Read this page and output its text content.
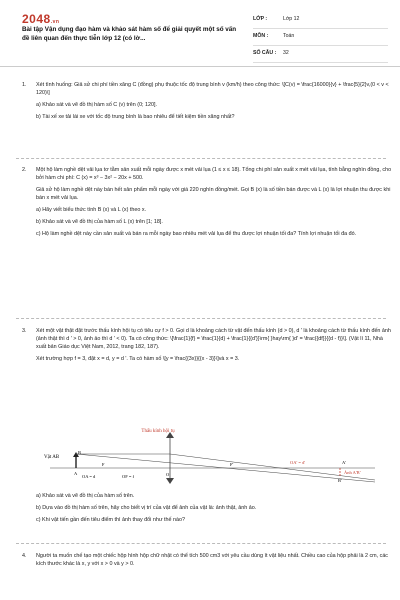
2048.vn
Bài tập Vận dụng đạo hàm và khảo sát hàm số để giải quyết một số vấn đề liên quan đến thực tiễn lớp 12 (có lờ...
LỚP :	Lớp 12
MÔN :	Toán
SỐ CÂU : 32
1. Xét tình huống: Giả sử chi phí tiền xăng C (đồng) phụ thuộc tốc độ trung bình v (km/h) theo công thức: \[C(v) = \frac{16000}{v} + \frac{5}{2}v,(0 < v < 120)\]

a) Khảo sát và vẽ đồ thị hàm số C (v) trên (0; 120].

b) Tài xế xe tải lái xe với tốc độ trung bình là bao nhiêu để tiết kiệm tiền xăng nhất?

2. Một hộ làm nghề dệt vải lụa tơ tằm sản xuất mỗi ngày được x mét vải lụa (1 ≤ x ≤ 18). Tổng chi phí sản xuất x mét vải lụa, tính bằng nghìn đồng, cho bởi hàm chi phí: C (x) = x³ − 3x² − 20x + 500.

Giả sử hộ làm nghề dệt này bán hết sản phẩm mỗi ngày với giá 220 nghìn đồng/mét. Gọi B (x) là số tiền bán được và L (x) là lợi nhuận thu được khi bán x mét vải lụa.

a) Hãy viết biểu thức tính B (x) và L (x) theo x.

b) Khảo sát và vẽ đồ thị của hàm số L (x) trên [1; 18].

c) Hộ làm nghề dệt này cần sản xuất và bán ra mỗi ngày bao nhiêu mét vải lụa để thu được lợi nhuận tối đa? Tính lợi nhuận tối đa đó.

3. Xét một vật thật đặt trước thấu kính hội tụ có tiêu cự f > 0. Gọi d là khoảng cách từ vật đến thấu kính (d > 0), d ' là khoảng cách từ thấu kính đến ảnh (ảnh thật thì d ' > 0, ảnh ảo thì d ' < 0). Ta có công thức: \[\frac{1}{f} = \frac{1}{d} + \frac{1}{{d'}}\rm{ }hay\rm{ }d' = \frac{{df}}{{d - f}}\]. (Vật lí 11, Nhà xuất bản Giáo dục Việt Nam, 2012, trang 182, 187).

Xét trường hợp f = 3, đặt x = d, y = d '. Ta có hàm số \[y = \frac{{3x}}{{x - 3}}\]và x = 3.

Thấu kính hội tụ
Vật AB
B
A
F	F'
OA = d	OF = f	O
OA' = d'	A'
Ảnh A'B'
B'

a) Khảo sát và vẽ đồ thị của hàm số trên.

b) Dựa vào đồ thị hàm số trên, hãy cho biết vị trí của vật để ảnh của vật là: ảnh thật, ảnh ảo.

c) Khi vật tiến gần đến tiêu điểm thì ảnh thay đổi như thế nào?

4. Người ta muốn chế tạo một chiếc hộp hình hộp chữ nhật có thể tích 500 cm3 với yêu cầu dùng ít vật liệu nhất. Chiều cao của hộp phải là 2 cm, các kích thước khác là x, y với x > 0 và y > 0.
